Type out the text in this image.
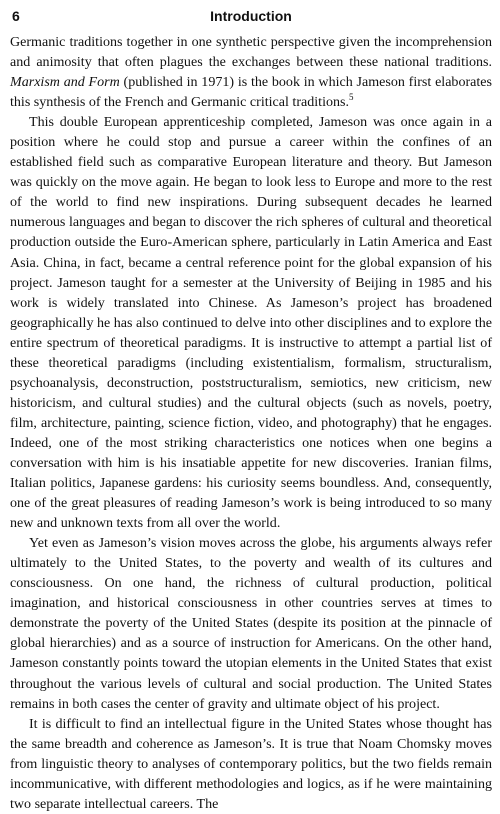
6	Introduction

Germanic traditions together in one synthetic perspective given the incomprehension and animosity that often plagues the exchanges between these national traditions. Marxism and Form (published in 1971) is the book in which Jameson first elaborates this synthesis of the French and Germanic critical traditions.$^5$

This double European apprenticeship completed, Jameson was once again in a position where he could stop and pursue a career within the confines of an established field such as comparative European literature and theory. But Jameson was quickly on the move again. He began to look less to Europe and more to the rest of the world to find new inspirations. During subsequent decades he learned numerous languages and began to discover the rich spheres of cultural and theoretical production outside the Euro-American sphere, particularly in Latin America and East Asia. China, in fact, became a central reference point for the global expansion of his project. Jameson taught for a semester at the University of Beijing in 1985 and his work is widely translated into Chinese. As Jameson’s project has broadened geographically he has also continued to delve into other disciplines and to explore the entire spectrum of theoretical paradigms. It is instructive to attempt a partial list of these theoretical paradigms (including existentialism, formalism, structuralism, psychoanalysis, deconstruction, poststructuralism, semiotics, new criticism, new historicism, and cultural studies) and the cultural objects (such as novels, poetry, film, architecture, painting, science fiction, video, and photography) that he engages. Indeed, one of the most striking characteristics one notices when one begins a conversation with him is his insatiable appetite for new discoveries. Iranian films, Italian politics, Japanese gardens: his curiosity seems boundless. And, consequently, one of the great pleasures of reading Jameson’s work is being introduced to so many new and unknown texts from all over the world.

Yet even as Jameson’s vision moves across the globe, his arguments always refer ultimately to the United States, to the poverty and wealth of its cultures and consciousness. On one hand, the richness of cultural production, political imagination, and historical consciousness in other countries serves at times to demonstrate the poverty of the United States (despite its position at the pinnacle of global hierarchies) and as a source of instruction for Americans. On the other hand, Jameson constantly points toward the utopian elements in the United States that exist throughout the various levels of cultural and social production. The United States remains in both cases the center of gravity and ultimate object of his project.

It is difficult to find an intellectual figure in the United States whose thought has the same breadth and coherence as Jameson’s. It is true that Noam Chomsky moves from linguistic theory to analyses of contemporary politics, but the two fields remain incommunicative, with different methodologies and logics, as if he were maintaining two separate intellectual careers. The
